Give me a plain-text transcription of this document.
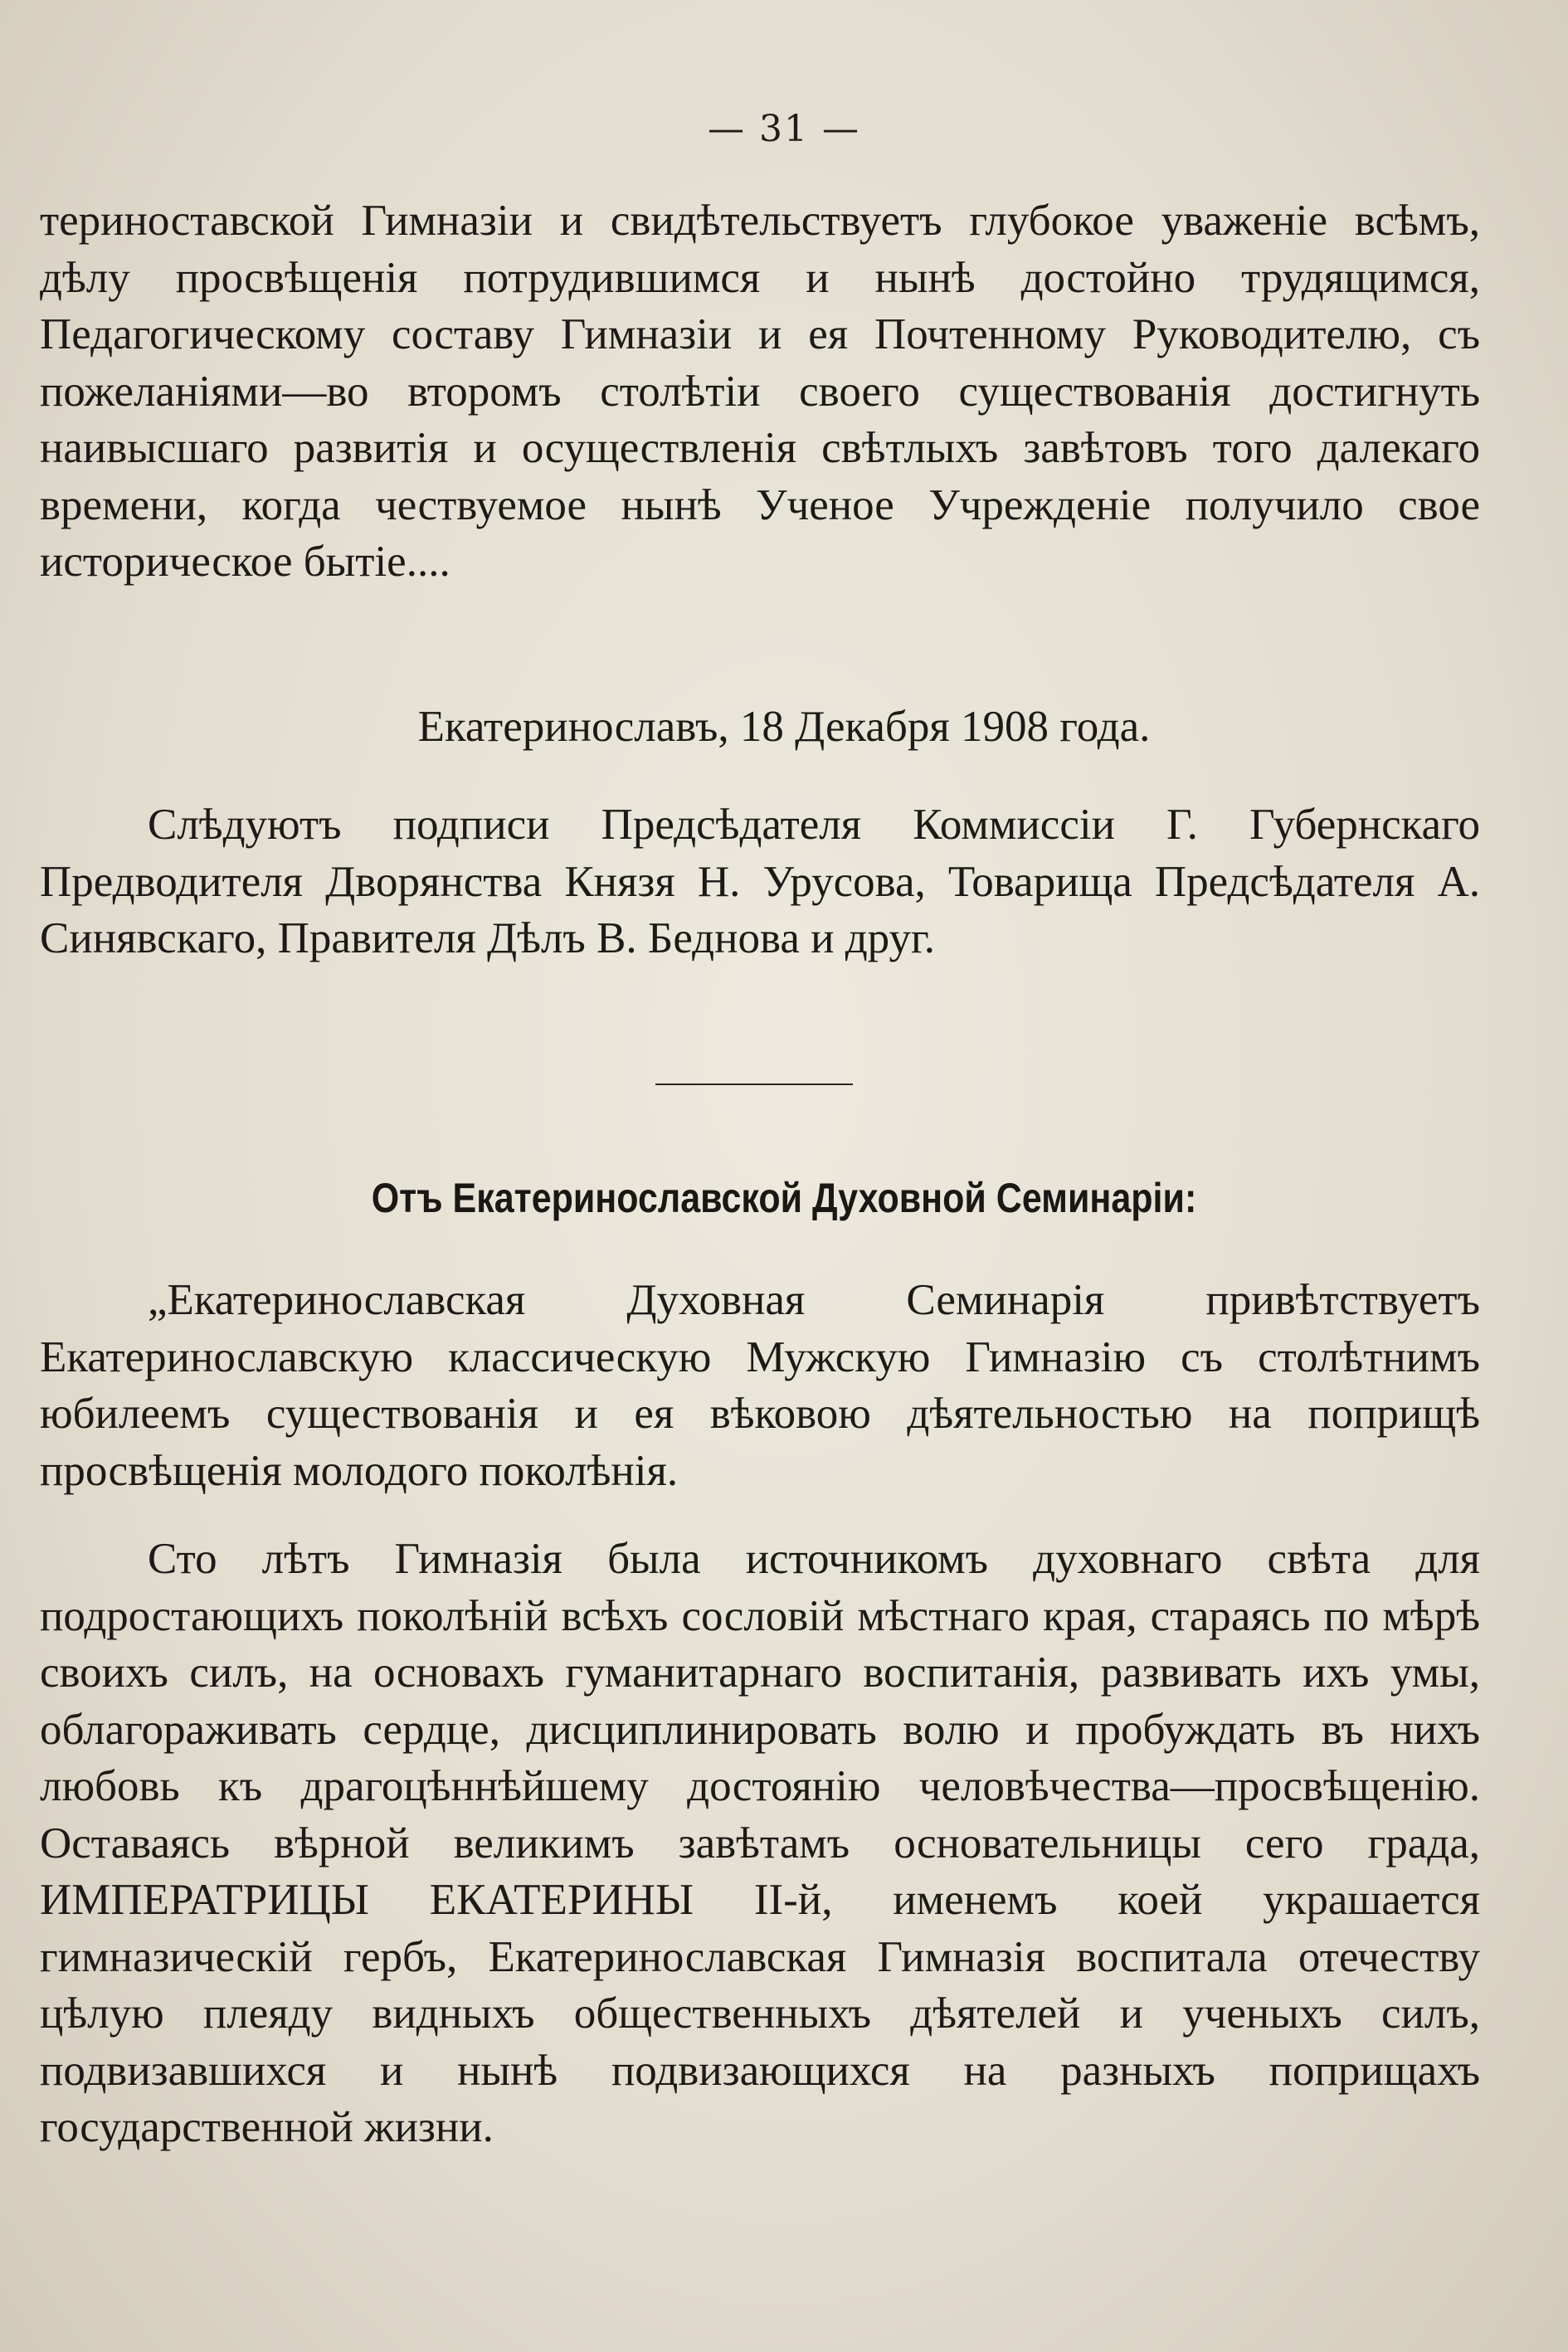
— 31 —
териноставской Гимназіи и свидѣтельствуетъ глубокое уваженіе всѣмъ, дѣлу просвѣщенія потрудившимся и нынѣ достойно трудящимся, Педагогическому составу Гимназіи и ея Почтенному Руководителю, съ пожеланіями—во второмъ столѣтіи своего существованія достигнуть наивысшаго развитія и осуществленія свѣтлыхъ завѣтовъ того далекаго времени, когда чествуемое нынѣ Ученое Учрежденіе получило свое историческое бытіе....
Екатеринославъ, 18 Декабря 1908 года.
Слѣдуютъ подписи Предсѣдателя Коммиссіи Г. Губернскаго Предводителя Дворянства Князя Н. Урусова, Товарища Предсѣдателя А. Синявскаго, Правителя Дѣлъ В. Беднова и друг.
Отъ Екатеринославской Духовной Семинаріи:
„Екатеринославская Духовная Семинарія привѣтствуетъ Екатеринославскую классическую Мужскую Гимназію съ столѣтнимъ юбилеемъ существованія и ея вѣковою дѣятельностью на поприщѣ просвѣщенія молодого поколѣнія.
Сто лѣтъ Гимназія была источникомъ духовнаго свѣта для подростающихъ поколѣній всѣхъ сословій мѣстнаго края, стараясь по мѣрѣ своихъ силъ, на основахъ гуманитарнаго воспитанія, развивать ихъ умы, облагораживать сердце, дисциплинировать волю и пробуждать въ нихъ любовь къ драгоцѣннѣйшему достоянію человѣчества—просвѣщенію. Оставаясь вѣрной великимъ завѣтамъ основательницы сего града, ИМПЕРАТРИЦЫ ЕКАТЕРИНЫ II-й, именемъ коей украшается гимназическій гербъ, Екатеринославская Гимназія воспитала отечеству цѣлую плеяду видныхъ общественныхъ дѣятелей и ученыхъ силъ, подвизавшихся и нынѣ подвизающихся на разныхъ поприщахъ государственной жизни.
